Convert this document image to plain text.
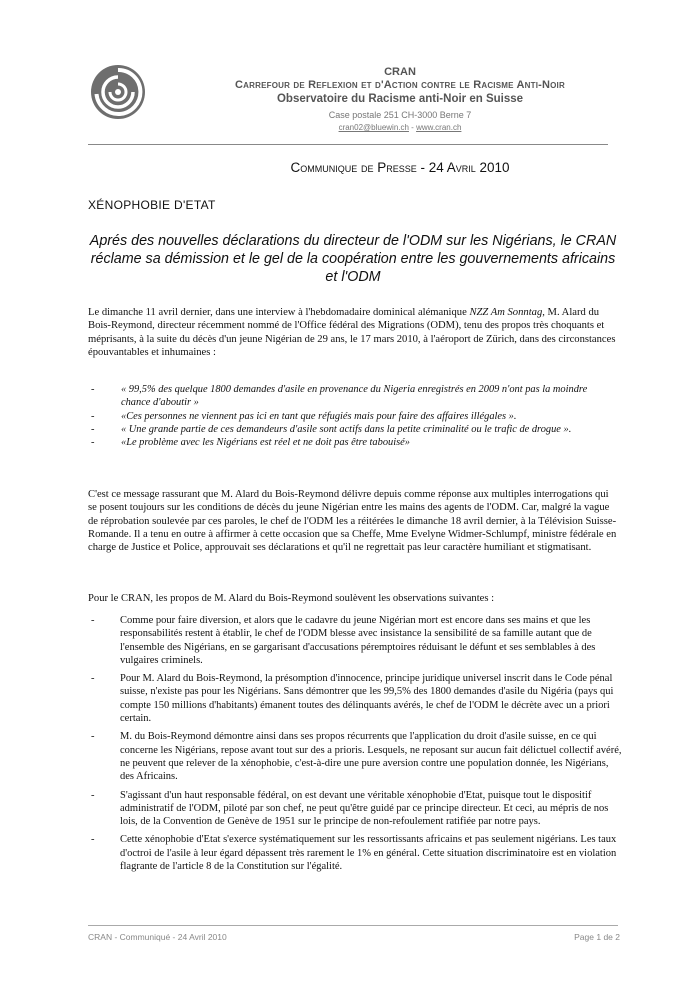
CRAN
Carrefour de Reflexion et d'Action contre le Racisme Anti-Noir
Observatoire du Racisme anti-Noir en Suisse
Case postale 251 CH-3000 Berne 7
cran02@bluewin.ch - www.cran.ch
Communique de Presse - 24 Avril 2010
XÉNOPHOBIE D'ETAT
Aprés des nouvelles déclarations du directeur de l'ODM sur les Nigérians, le CRAN réclame sa démission et le gel de la coopération entre les gouvernements africains et l'ODM
Le dimanche 11 avril dernier, dans une interview à l'hebdomadaire dominical alémanique NZZ Am Sonntag, M. Alard du Bois-Reymond, directeur récemment nommé de l'Office fédéral des Migrations (ODM), tenu des propos très choquants et méprisants, à la suite du décès d'un jeune Nigérian de 29 ans, le 17 mars 2010, à l'aéroport de Zürich, dans des circonstances épouvantables et inhumaines :
-	« 99,5% des quelque 1800 demandes d'asile en provenance du Nigeria enregistrés en 2009 n'ont pas la moindre chance d'aboutir »
-	«Ces personnes ne viennent pas ici en tant que réfugiés mais pour faire des affaires illégales ».
-	« Une grande partie de ces demandeurs d'asile sont actifs dans la petite criminalité ou le trafic de drogue ».
-	«Le problème avec les Nigérians est réel et ne doit pas être tabouisé»
C'est ce message rassurant que M. Alard du Bois-Reymond délivre depuis comme réponse aux multiples interrogations qui se posent toujours sur les conditions de décès du jeune Nigérian entre les mains des agents de l'ODM. Car, malgré la vague de réprobation soulevée par ces paroles, le chef de l'ODM les a réitérées le dimanche 18 avril dernier, à la Télévision Suisse-Romande. Il a tenu en outre à affirmer à cette occasion que sa Cheffe, Mme Evelyne Widmer-Schlumpf, ministre fédérale en charge de Justice et Police, approuvait ses déclarations et qu'il ne regrettait pas leur caractère humiliant et stigmatisant.
Pour le CRAN, les propos de M. Alard du Bois-Reymond soulèvent les observations suivantes :
- Comme pour faire diversion, et alors que le cadavre du jeune Nigérian mort est encore dans ses mains et que les responsabilités restent à établir, le chef de l'ODM blesse avec insistance la sensibilité de sa famille autant que de l'ensemble des Nigérians, en se gargarisant d'accusations péremptoires réduisant le défunt et ses semblables à des vulgaires criminels.
- Pour M. Alard du Bois-Reymond, la présomption d'innocence, principe juridique universel inscrit dans le Code pénal suisse, n'existe pas pour les Nigérians. Sans démontrer que les 99,5% des 1800 demandes d'asile du Nigéria (pays qui compte 150 millions d'habitants) émanent toutes des délinquants avérés, le chef de l'ODM le décrète avec un a priori certain.
- M. du Bois-Reymond démontre ainsi dans ses propos récurrents que l'application du droit d'asile suisse, en ce qui concerne les Nigérians, repose avant tout sur des a prioris. Lesquels, ne reposant sur aucun fait délictuel collectif avéré, ne peuvent que relever de la xénophobie, c'est-à-dire une pure aversion contre une population donnée, les Nigérians, des Africains.
- S'agissant d'un haut responsable fédéral, on est devant une véritable xénophobie d'Etat, puisque tout le dispositif administratif de l'ODM, piloté par son chef, ne peut qu'être guidé par ce principe directeur. Et ceci, au mépris de nos lois, de la Convention de Genève de 1951 sur le principe de non-refoulement ratifiée par notre pays.
- Cette xénophobie d'Etat s'exerce systématiquement sur les ressortissants africains et pas seulement nigérians. Les taux d'octroi de l'asile à leur égard dépassent très rarement le 1% en général. Cette situation discriminatoire est en violation flagrante de l'article 8 de la Constitution sur l'égalité.
CRAN - Communiqué - 24 Avril 2010	Page 1 de 2
